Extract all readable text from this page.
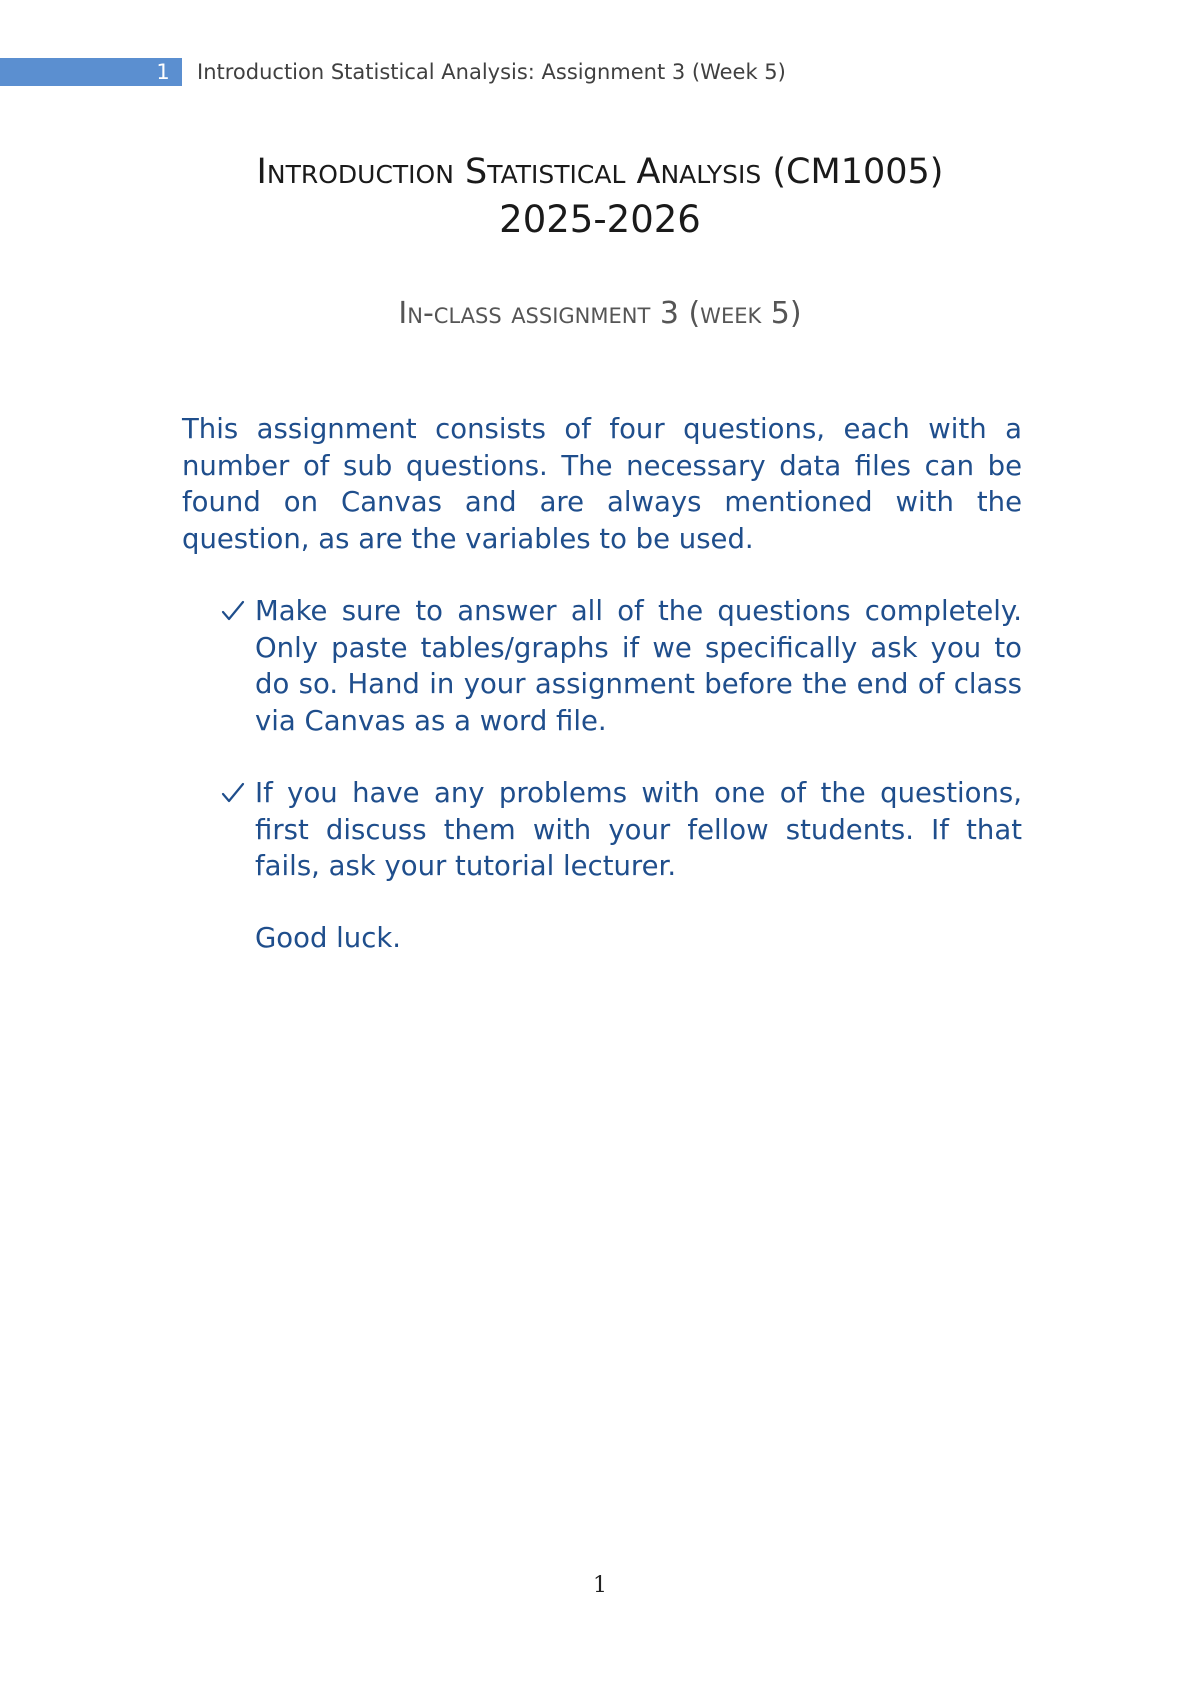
1	Introduction Statistical Analysis: Assignment 3 (Week 5)
Introduction Statistical Analysis (CM1005)
2025-2026
In-class assignment 3 (week 5)

This assignment consists of four questions, each with a number of sub questions. The necessary data files can be found on Canvas and are always mentioned with the question, as are the variables to be used.

Make sure to answer all of the questions completely. Only paste tables/graphs if we specifically ask you to do so. Hand in your assignment before the end of class via Canvas as a word file.

If you have any problems with one of the questions, first discuss them with your fellow students. If that fails, ask your tutorial lecturer.

Good luck.
1
